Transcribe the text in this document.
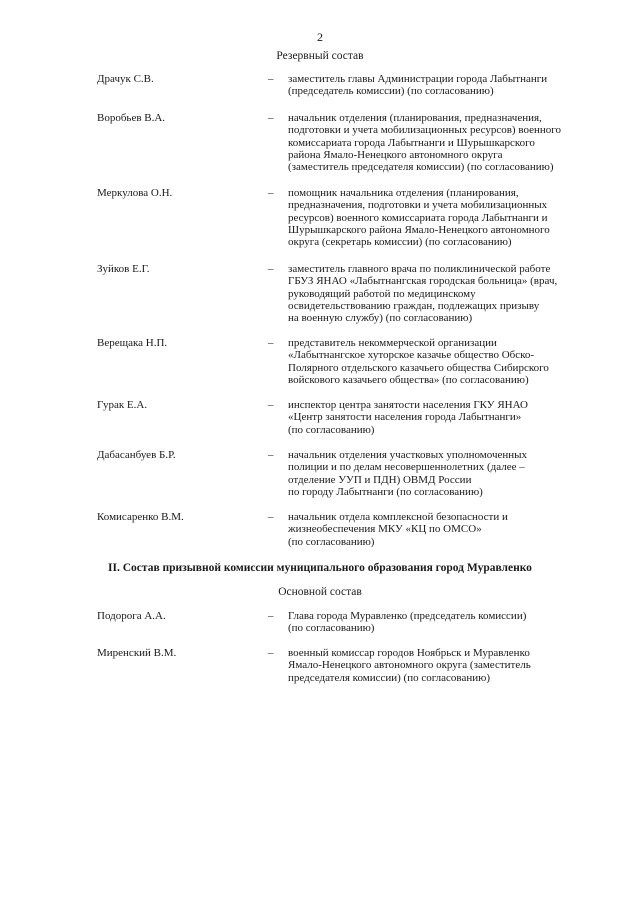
2
Резервный состав
Драчук С.В.	– заместитель главы Администрации города Лабытнанги
(председатель комиссии) (по согласованию)
Воробьев В.А.	– начальник отделения (планирования, предназначения,
подготовки и учета мобилизационных ресурсов) военного
комиссариата города Лабытнанги и Шурышкарского
района Ямало-Ненецкого автономного округа
(заместитель председателя комиссии) (по согласованию)
Меркулова О.Н.	– помощник начальника отделения (планирования,
предназначения, подготовки и учета мобилизационных
ресурсов) военного комиссариата города Лабытнанги и
Шурышкарского района Ямало-Ненецкого автономного
округа (секретарь комиссии) (по согласованию)
Зуйков Е.Г.	– заместитель главного врача по поликлинической работе
ГБУЗ ЯНАО «Лабытнангская городская больница» (врач,
руководящий работой по медицинскому
освидетельствованию граждан, подлежащих призыву
на военную службу) (по согласованию)
Верещака Н.П.	– представитель некоммерческой организации
«Лабытнангское хуторское казачье общество Обско-
Полярного отдельского казачьего общества Сибирского
войскового казачьего общества» (по согласованию)
Гурак Е.А.	– инспектор центра занятости населения ГКУ ЯНАО
«Центр занятости населения города Лабытнанги»
(по согласованию)
Дабасанбуев Б.Р.	– начальник отделения участковых уполномоченных
полиции и по делам несовершеннолетних (далее –
отделение УУП и ПДН) ОВМД России
по городу Лабытнанги (по согласованию)
Комисаренко В.М.	– начальник отдела комплексной безопасности и
жизнеобеспечения МКУ «КЦ по ОМСО»
(по согласованию)
II. Состав призывной комиссии муниципального образования город Муравленко
Основной состав
Подорога А.А.	– Глава города Муравленко (председатель комиссии)
(по согласованию)
Миренский В.М.	– военный комиссар городов Ноябрьск и Муравленко
Ямало-Ненецкого автономного округа (заместитель
председателя комиссии) (по согласованию)
